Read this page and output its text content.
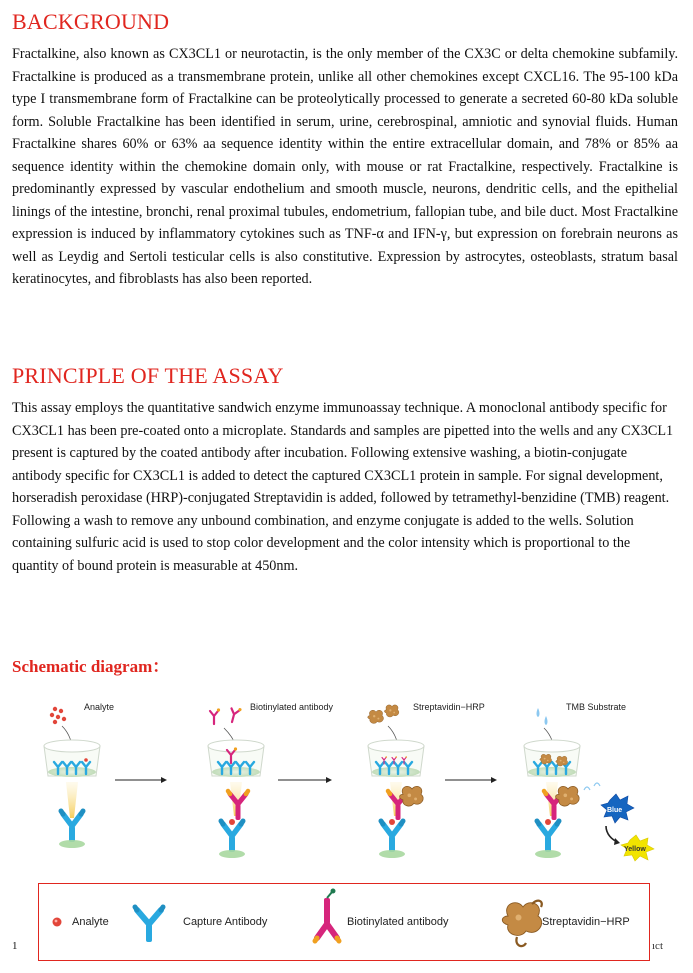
BACKGROUND

Fractalkine, also known as CX3CL1 or neurotactin, is the only member of the CX3C or delta chemokine subfamily. Fractalkine is produced as a transmembrane protein, unlike all other chemokines except CXCL16. The 95-100 kDa type I transmembrane form of Fractalkine can be proteolytically processed to generate a secreted 60-80 kDa soluble form. Soluble Fractalkine has been identified in serum, urine, cerebrospinal, amniotic and synovial fluids. Human Fractalkine shares 60% or 63% aa sequence identity within the entire extracellular domain, and 78% or 85% aa sequence identity within the chemokine domain only, with mouse or rat Fractalkine, respectively. Fractalkine is predominantly expressed by vascular endothelium and smooth muscle, neurons, dendritic cells, and the epithelial linings of the intestine, bronchi, renal proximal tubules, endometrium, fallopian tube, and bile duct. Most Fractalkine expression is induced by inflammatory cytokines such as TNF-α and IFN-γ, but expression on forebrain neurons as well as Leydig and Sertoli testicular cells is also constitutive. Expression by astrocytes, osteoblasts, stratum basal keratinocytes, and fibroblasts has also been reported.

PRINCIPLE OF THE ASSAY

This assay employs the quantitative sandwich enzyme immunoassay technique. A monoclonal antibody specific for CX3CL1 has been pre-coated onto a microplate. Standards and samples are pipetted into the wells and any CX3CL1 present is captured by the coated antibody after incubation. Following extensive washing, a biotin-conjugate antibody specific for CX3CL1 is added to detect the captured CX3CL1 protein in sample. For signal development, horseradish peroxidase (HRP)-conjugated Streptavidin is added, followed by tetramethyl-benzidine (TMB) reagent. Following a wash to remove any unbound combination, and enzyme conjugate is added to the wells. Solution containing sulfuric acid is used to stop color development and the color intensity which is proportional to the quantity of bound protein is measurable at 450nm.

Schematic diagram：
Analyte	Biotinylated antibody	Streptavidin−HRP	TMB Substrate
Blue
Yellow
Analyte	Capture Antibody	Biotinylated antibody	Streptavidin−HRP
1	ıct
